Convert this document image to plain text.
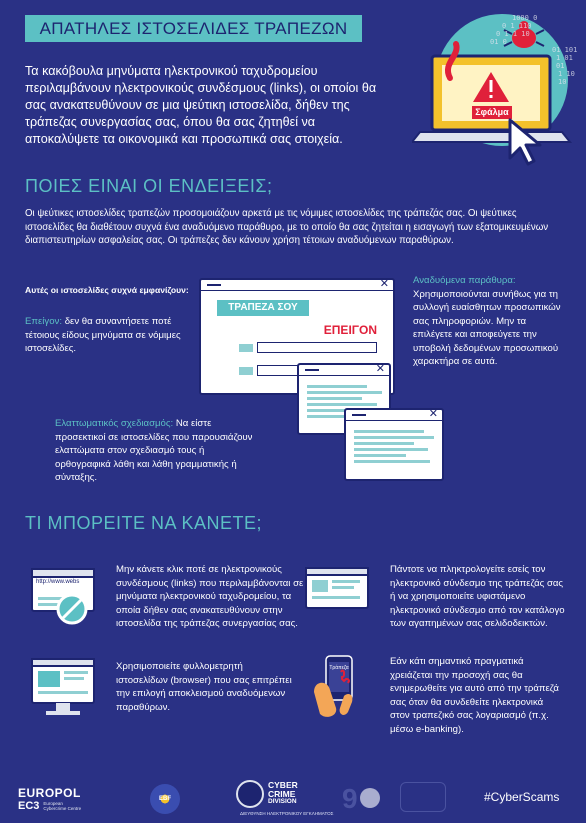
ΑΠΑΤΗΛΕΣ ΙΣΤΟΣΕΛΙΔΕΣ ΤΡΑΠΕΖΩΝ
Τα κακόβουλα μηνύματα ηλεκτρονικού ταχυδρομείου περιλαμβάνουν ηλεκτρονικούς συνδέσμους (links), οι οποίοι θα σας ανακατευθύνουν σε μια ψεύτικη ιστοσελίδα, δήθεν της τράπεζας συνεργασίας σας, όπου θα σας ζητηθεί να αποκαλύψετε τα οικονομικά και προσωπικά σας στοιχεία.
Σφάλμα
1000 0
0 1 110
0 1 1 10
01 0
01 101
1 01 01
1 10 10
ΠΟΙΕΣ ΕΙΝΑΙ ΟΙ ΕΝΔΕΙΞΕΙΣ;
Οι ψεύτικες ιστοσελίδες τραπεζών προσομοιάζουν αρκετά με τις νόμιμες ιστοσελίδες της τράπεζάς σας. Οι ψεύτικες ιστοσελίδες θα διαθέτουν συχνά ένα αναδυόμενο παράθυρο, με το οποίο θα σας ζητείται η εισαγωγή των εξατομικευμένων διαπιστευτηρίων ασφαλείας σας. Οι τράπεζες δεν κάνουν χρήση τέτοιων αναδυόμενων παραθύρων.
Αυτές οι ιστοσελίδες συχνά εμφανίζουν:
Επείγον: δεν θα συναντήσετε ποτέ τέτοιους είδους μηνύματα σε νόμιμες ιστοσελίδες.
Αναδυόμενα παράθυρα:
Χρησιμοποιούνται συνήθως για τη συλλογή ευαίσθητων προσωπικών σας πληροφοριών. Μην τα επιλέγετε και αποφεύγετε την υποβολή δεδομένων προσωπικού χαρακτήρα σε αυτά.
Ελαττωματικός σχεδιασμός: Να είστε προσεκτικοί σε ιστοσελίδες που παρουσιάζουν ελαττώματα στον σχεδιασμό τους ή ορθογραφικά λάθη και λάθη γραμματικής ή σύνταξης.
✕
ΤΡΑΠΕΖΑ ΣΟΥ
ΕΠΕΙΓΟΝ
✕
✕
ΤΙ ΜΠΟΡΕΙΤΕ ΝΑ ΚΑΝΕΤΕ;
http://www.webs
Μην κάνετε κλικ ποτέ σε ηλεκτρονικούς συνδέσμους (links) που περιλαμβάνονται σε μηνύματα ηλεκτρονικού ταχυδρομείου, τα οποία δήθεν σας ανακατευθύνουν στην ιστοσελίδα της τράπεζας συνεργασίας σας.
Πάντοτε να πληκτρολογείτε εσείς τον ηλεκτρονικό σύνδεσμο της τράπεζάς σας ή να χρησιμοποιείτε υφιστάμενο ηλεκτρονικό σύνδεσμο από τον κατάλογο των αγαπημένων σας σελιδοδεικτών.
Χρησιμοποιείτε φυλλομετρητή ιστοσελίδων (browser) που σας επιτρέπει την επιλογή αποκλεισμού αναδυόμενων παραθύρων.
Τράπεζα
Εάν κάτι σημαντικό πραγματικά χρειάζεται την προσοχή σας θα ενημερωθείτε για αυτό από την τράπεζά σας όταν θα συνδεθείτε ηλεκτρονικά στον τραπεζικό σας λογαριασμό (π.χ. μέσω e-banking).
EUROPOL
EC3 European Cybercrime Centre
EBF
CYBER
CRIME
DIVISION
ΔΙΕΥΘΥΝΣΗ ΗΛΕΚΤΡΟΝΙΚΟΥ ΕΓΚΛΗΜΑΤΟΣ 9	#CyberScams
